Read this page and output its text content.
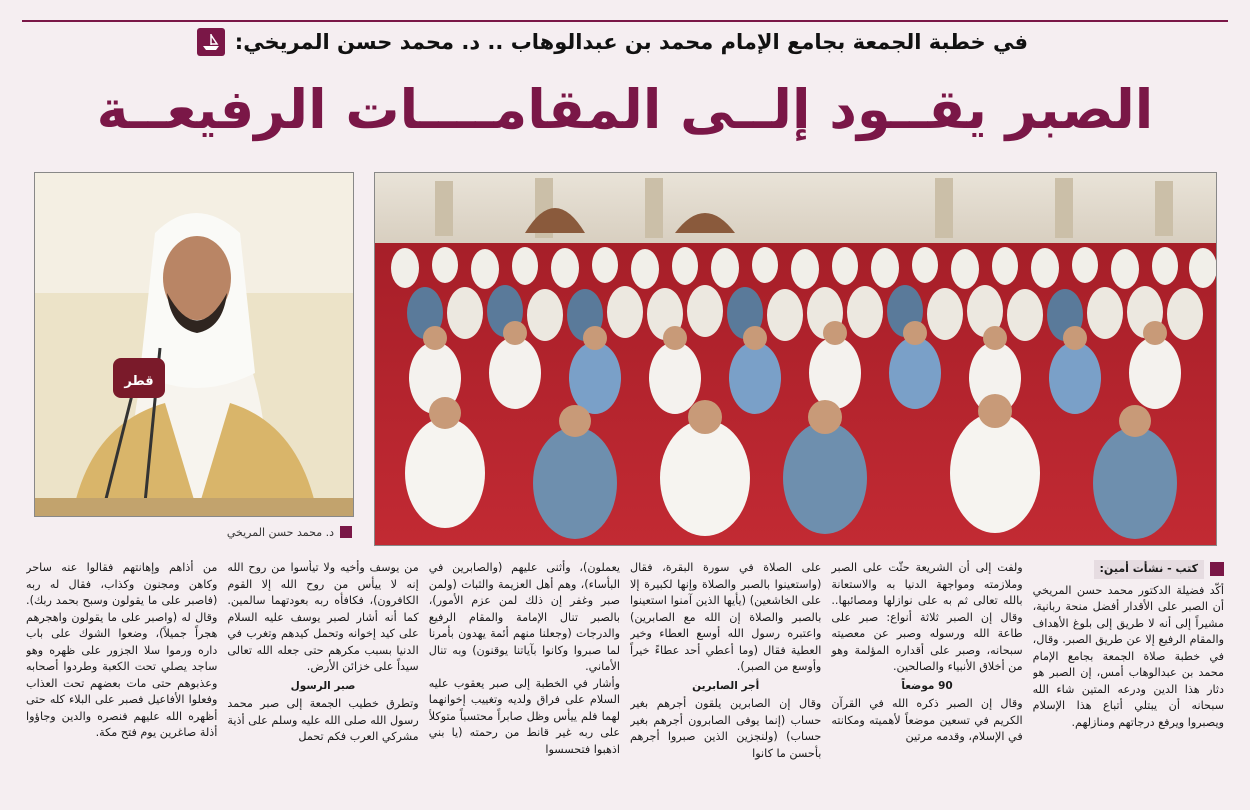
في خطبة الجمعة بجامع الإمام محمد بن عبدالوهاب .. د. محمد حسن المريخي:
الصبر يقــود إلــى المقامــــات الرفيعــة
قطر
د. محمد حسن المريخي
كتب - نشأت أمين:

أكّد فضيلة الدكتور محمد حسن المريخي أن الصبر على الأقدار أفضل منحة ربانية، مشيراً إلى أنه لا طريق إلى بلوغ الأهداف والمقام الرفيع إلا عن طريق الصبر. وقال، في خطبة صلاة الجمعة بجامع الإمام محمد بن عبدالوهاب أمس، إن الصبر هو دثار هذا الدين ودرعه المتين شاء الله سبحانه أن يبتلي أتباع هذا الإسلام ويصبروا ويرفع درجاتهم ومنازلهم.

ولفت إلى أن الشريعة حثّت على الصبر وملازمته ومواجهة الدنيا به والاستعانة بالله تعالى ثم به على نوازلها ومصائبها.. وقال إن الصبر ثلاثة أنواع: صبر على طاعة الله ورسوله وصبر عن معصيته سبحانه، وصبر على أقداره المؤلمة وهو من أخلاق الأنبياء والصالحين.

90 موضعاً

وقال إن الصبر ذكره الله في القرآن الكريم في تسعين موضعاً لأهميته ومكانته في الإسلام، وقدمه مرتين

على الصلاة في سورة البقرة، فقال (واستعينوا بالصبر والصلاة وإنها لكبيرة إلا على الخاشعين) (يأيها الذين آمنوا استعينوا بالصبر والصلاة إن الله مع الصابرين) واعتبره رسول الله أوسع العطاء وخير العطية فقال (وما أعطي أحد عطاءً خيراً وأوسع من الصبر).

أجر الصابرين

وقال إن الصابرين يلقون أجرهم بغير حساب (إنما يوفى الصابرون أجرهم بغير حساب) (ولنجزين الذين صبروا أجرهم بأحسن ما كانوا

يعملون)، وأثنى عليهم (والصابرين في البأساء)، وهم أهل العزيمة والثبات (ولمن صبر وغفر إن ذلك لمن عزم الأمور)، بالصبر تنال الإمامة والمقام الرفيع والدرجات (وجعلنا منهم أئمة يهدون بأمرنا لما صبروا وكانوا بآياتنا يوقنون) وبه تنال الأماني.

وأشار في الخطبة إلى صبر يعقوب عليه السلام على فراق ولديه وتغييب إخوانهما لهما فلم ييأس وظل صابراً محتسباً متوكلاً على ربه غير قانط من رحمته (يا بني اذهبوا فتحسسوا

من يوسف وأخيه ولا تيأسوا من روح الله إنه لا ييأس من روح الله إلا القوم الكافرون)، فكافأه ربه بعودتهما سالمين. كما أنه أشار لصبر يوسف عليه السلام على كيد إخوانه وتحمل كيدهم وتغرب في الدنيا بسبب مكرهم حتى جعله الله تعالى سيداً على خزائن الأرض.

صبر الرسول

وتطرق خطيب الجمعة إلى صبر محمد رسول الله صلى الله عليه وسلم على أذية مشركي العرب فكم تحمل

من أذاهم وإهانتهم فقالوا عنه ساحر وكاهن ومجنون وكذاب، فقال له ربه (فاصبر على ما يقولون وسبح بحمد ربك). وقال له (واصبر على ما يقولون واهجرهم هجراً جميلاً)، وضعوا الشوك على باب داره ورموا سلا الجزور على ظهره وهو ساجد يصلي تحت الكعبة وطردوا أصحابه وعذبوهم حتى مات بعضهم تحت العذاب وفعلوا الأفاعيل فصبر على البلاء كله حتى أظهره الله عليهم فنصره والدين وجاؤوا أذلة صاغرين يوم فتح مكة.
